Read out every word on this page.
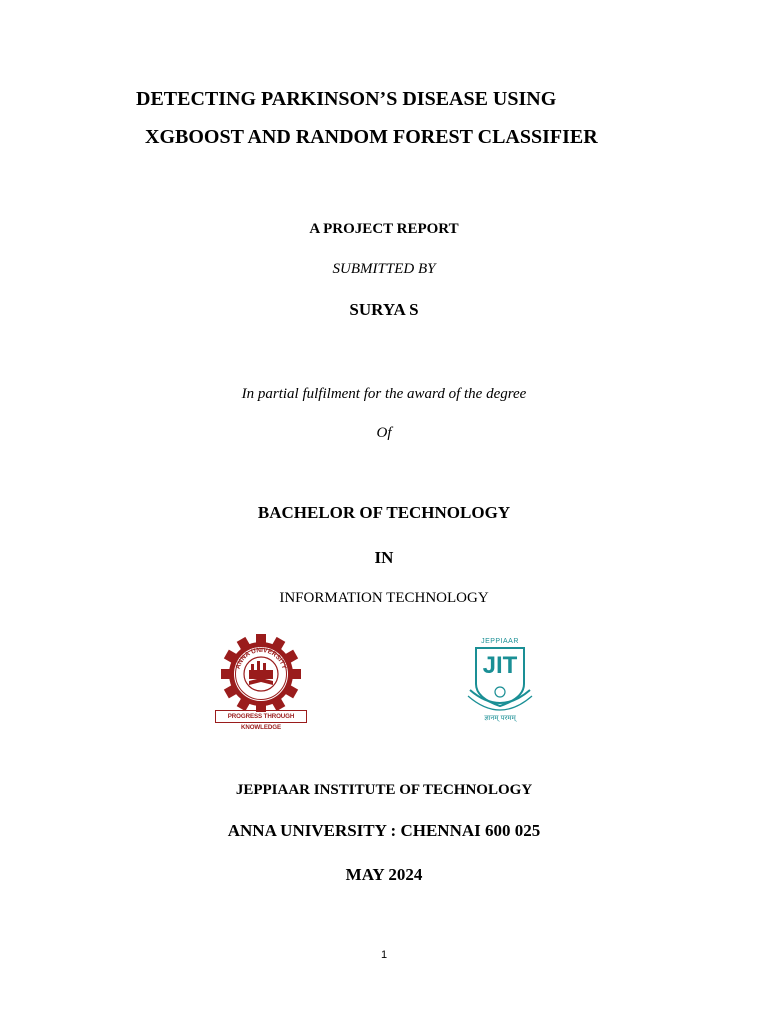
DETECTING PARKINSON’S DISEASE USING
XGBOOST AND RANDOM FOREST CLASSIFIER
A PROJECT REPORT
SUBMITTED BY
SURYA S
In partial fulfilment for the award of the degree
Of
BACHELOR OF TECHNOLOGY
IN
INFORMATION TECHNOLOGY
ANNA UNIVERSITY
PROGRESS THROUGH KNOWLEDGE
JEPPIAAR
JIT
ज्ञानम् परमम्
JEPPIAAR INSTITUTE OF TECHNOLOGY
ANNA UNIVERSITY : CHENNAI 600 025
MAY 2024
1
